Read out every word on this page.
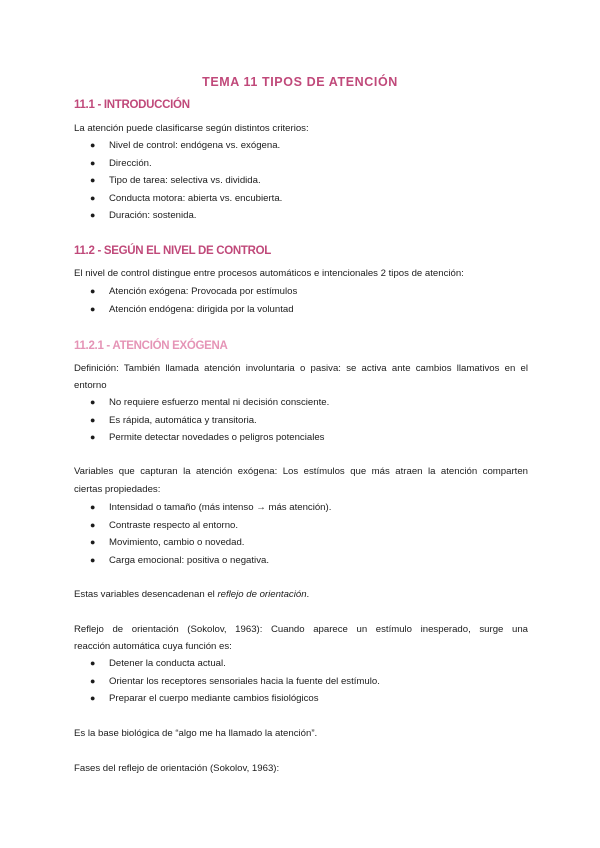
TEMA 11 TIPOS DE ATENCIÓN
11.1 - INTRODUCCIÓN
La atención puede clasificarse según distintos criterios:
● Nivel de control: endógena vs. exógena.
● Dirección.
● Tipo de tarea: selectiva vs. dividida.
● Conducta motora: abierta vs. encubierta.
● Duración: sostenida.
11.2 - SEGÚN EL NIVEL DE CONTROL
El nivel de control distingue entre procesos automáticos e intencionales 2 tipos de atención:
● Atención exógena: Provocada por estímulos
● Atención endógena: dirigida por la voluntad
11.2.1 - ATENCIÓN EXÓGENA
Definición: También llamada atención involuntaria o pasiva: se activa ante cambios llamativos en el
entorno
● No requiere esfuerzo mental ni decisión consciente.
● Es rápida, automática y transitoria.
● Permite detectar novedades o peligros potenciales
Variables que capturan la atención exógena: Los estímulos que más atraen la atención comparten
ciertas propiedades:
● Intensidad o tamaño (más intenso → más atención).
● Contraste respecto al entorno.
● Movimiento, cambio o novedad.
● Carga emocional: positiva o negativa.
Estas variables desencadenan el reflejo de orientación.
Reflejo de orientación (Sokolov, 1963): Cuando aparece un estímulo inesperado, surge una
reacción automática cuya función es:
● Detener la conducta actual.
● Orientar los receptores sensoriales hacia la fuente del estímulo.
● Preparar el cuerpo mediante cambios fisiológicos
Es la base biológica de “algo me ha llamado la atención”.
Fases del reflejo de orientación (Sokolov, 1963):
